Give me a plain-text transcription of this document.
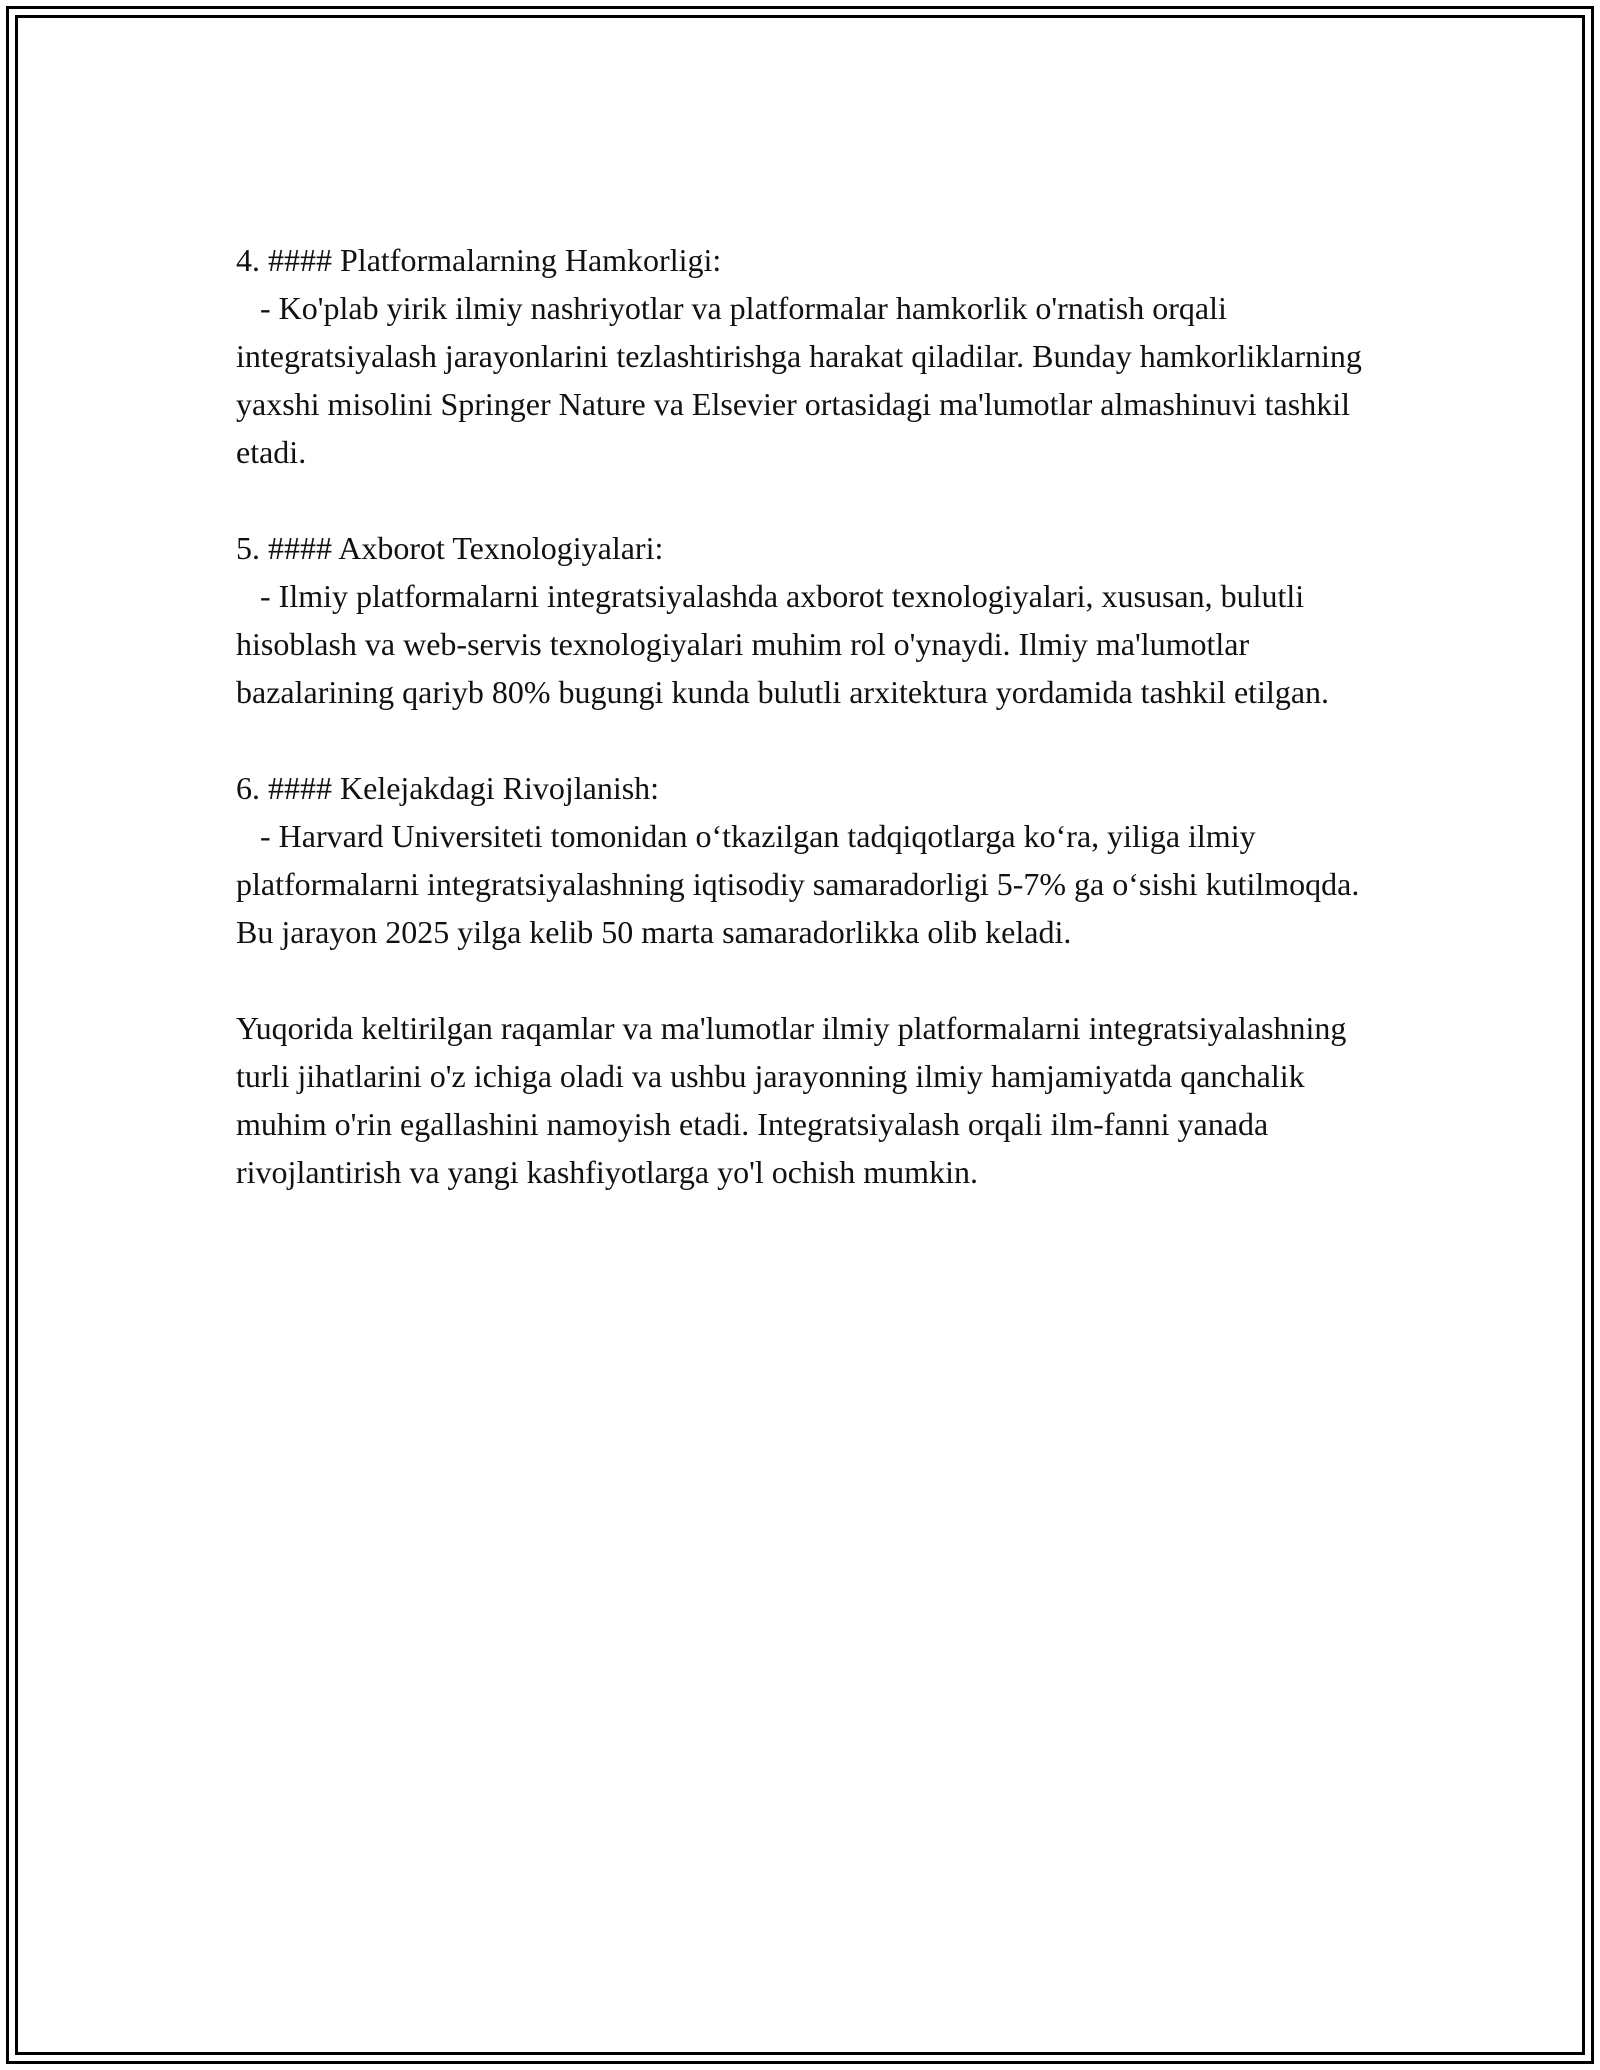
4. #### Platformalarning Hamkorligi:
- Ko'plab yirik ilmiy nashriyotlar va platformalar hamkorlik o'rnatish orqali integratsiyalash jarayonlarini tezlashtirishga harakat qiladilar. Bunday hamkorliklarning yaxshi misolini Springer Nature va Elsevier ortasidagi ma'lumotlar almashinuvi tashkil etadi.
5. #### Axborot Texnologiyalari:
- Ilmiy platformalarni integratsiyalashda axborot texnologiyalari, xususan, bulutli hisoblash va web-servis texnologiyalari muhim rol o'ynaydi. Ilmiy ma'lumotlar bazalarining qariyb 80% bugungi kunda bulutli arxitektura yordamida tashkil etilgan.
6. #### Kelejakdagi Rivojlanish:
- Harvard Universiteti tomonidan o‘tkazilgan tadqiqotlarga ko‘ra, yiliga ilmiy platformalarni integratsiyalashning iqtisodiy samaradorligi 5-7% ga o‘sishi kutilmoqda. Bu jarayon 2025 yilga kelib 50 marta samaradorlikka olib keladi.

Yuqorida keltirilgan raqamlar va ma'lumotlar ilmiy platformalarni integratsiyalashning turli jihatlarini o'z ichiga oladi va ushbu jarayonning ilmiy hamjamiyatda qanchalik muhim o'rin egallashini namoyish etadi. Integratsiyalash orqali ilm-fanni yanada rivojlantirish va yangi kashfiyotlarga yo'l ochish mumkin.
